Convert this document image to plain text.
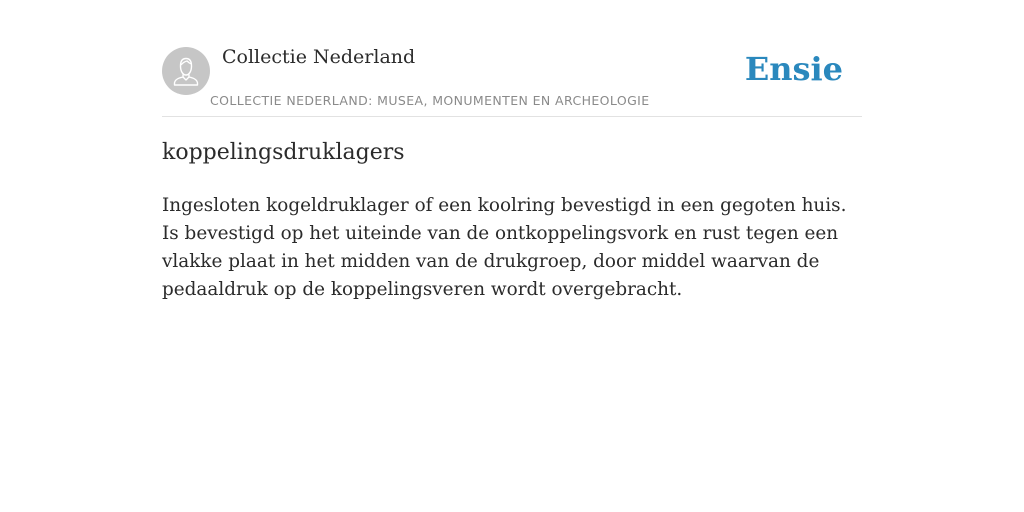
Collectie Nederland
COLLECTIE NEDERLAND: MUSEA, MONUMENTEN EN ARCHEOLOGIE
Ensie
koppelingsdruklagers

Ingesloten kogeldruklager of een koolring bevestigd in een gegoten huis. Is bevestigd op het uiteinde van de ontkoppelingsvork en rust tegen een vlakke plaat in het midden van de drukgroep, door middel waarvan de pedaaldruk op de koppelingsveren wordt overgebracht.
